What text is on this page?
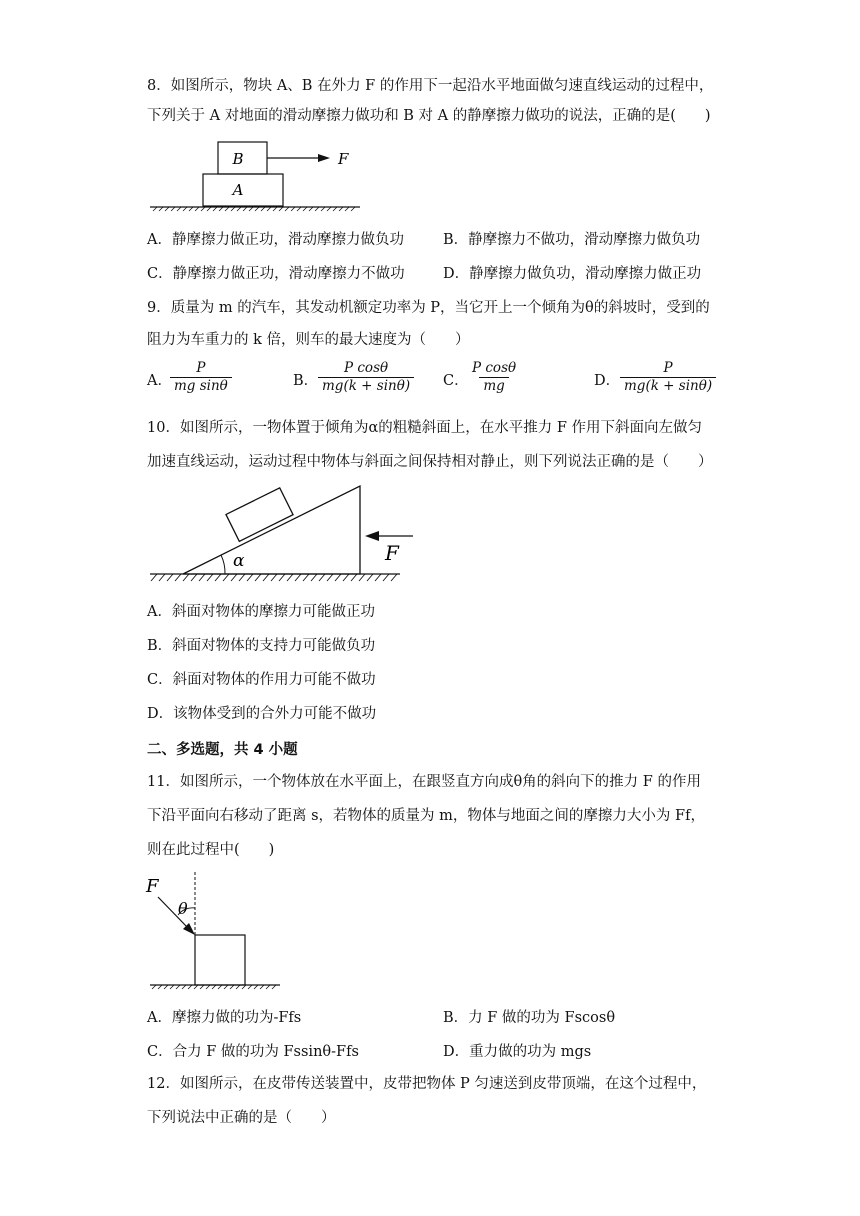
8．如图所示，物块 A、B 在外力 F 的作用下一起沿水平地面做匀速直线运动的过程中，
下列关于 A 对地面的滑动摩擦力做功和 B 对 A 的静摩擦力做功的说法，正确的是(　　)
B
A
F
A．静摩擦力做正功，滑动摩擦力做负功	B．静摩擦力不做功，滑动摩擦力做负功
C．静摩擦力做正功，滑动摩擦力不做功	D．静摩擦力做负功，滑动摩擦力做正功
9．质量为 m 的汽车，其发动机额定功率为 P，当它开上一个倾角为θ的斜坡时，受到的
阻力为车重力的 k 倍，则车的最大速度为（　　）
A．
$\frac{P}{\text{mg sinθ}}$	B． $\frac{\text{P cosθ}}{mg(k + \sin\theta)}$ C． $\frac{\text{P cosθ}}{mg}$	D． $\frac{P}{mg(k + \sin\theta)}$
10．如图所示，一物体置于倾角为α的粗糙斜面上，在水平推力 F 作用下斜面向左做匀
加速直线运动，运动过程中物体与斜面之间保持相对静止，则下列说法正确的是（　　）
α	F
A．斜面对物体的摩擦力可能做正功
B．斜面对物体的支持力可能做负功
C．斜面对物体的作用力可能不做功
D．该物体受到的合外力可能不做功
二、多选题，共 4 小题
11．如图所示，一个物体放在水平面上，在跟竖直方向成θ角的斜向下的推力 F 的作用
下沿平面向右移动了距离 s，若物体的质量为 m，物体与地面之间的摩擦力大小为 Ff，
则在此过程中(　　)
F
θ
A．摩擦力做的功为-Ffs	B．力 F 做的功为 Fscosθ
C．合力 F 做的功为 Fssinθ-Ffs	D．重力做的功为 mgs
12．如图所示，在皮带传送装置中，皮带把物体 P 匀速送到皮带顶端，在这个过程中，
下列说法中正确的是（　　）
